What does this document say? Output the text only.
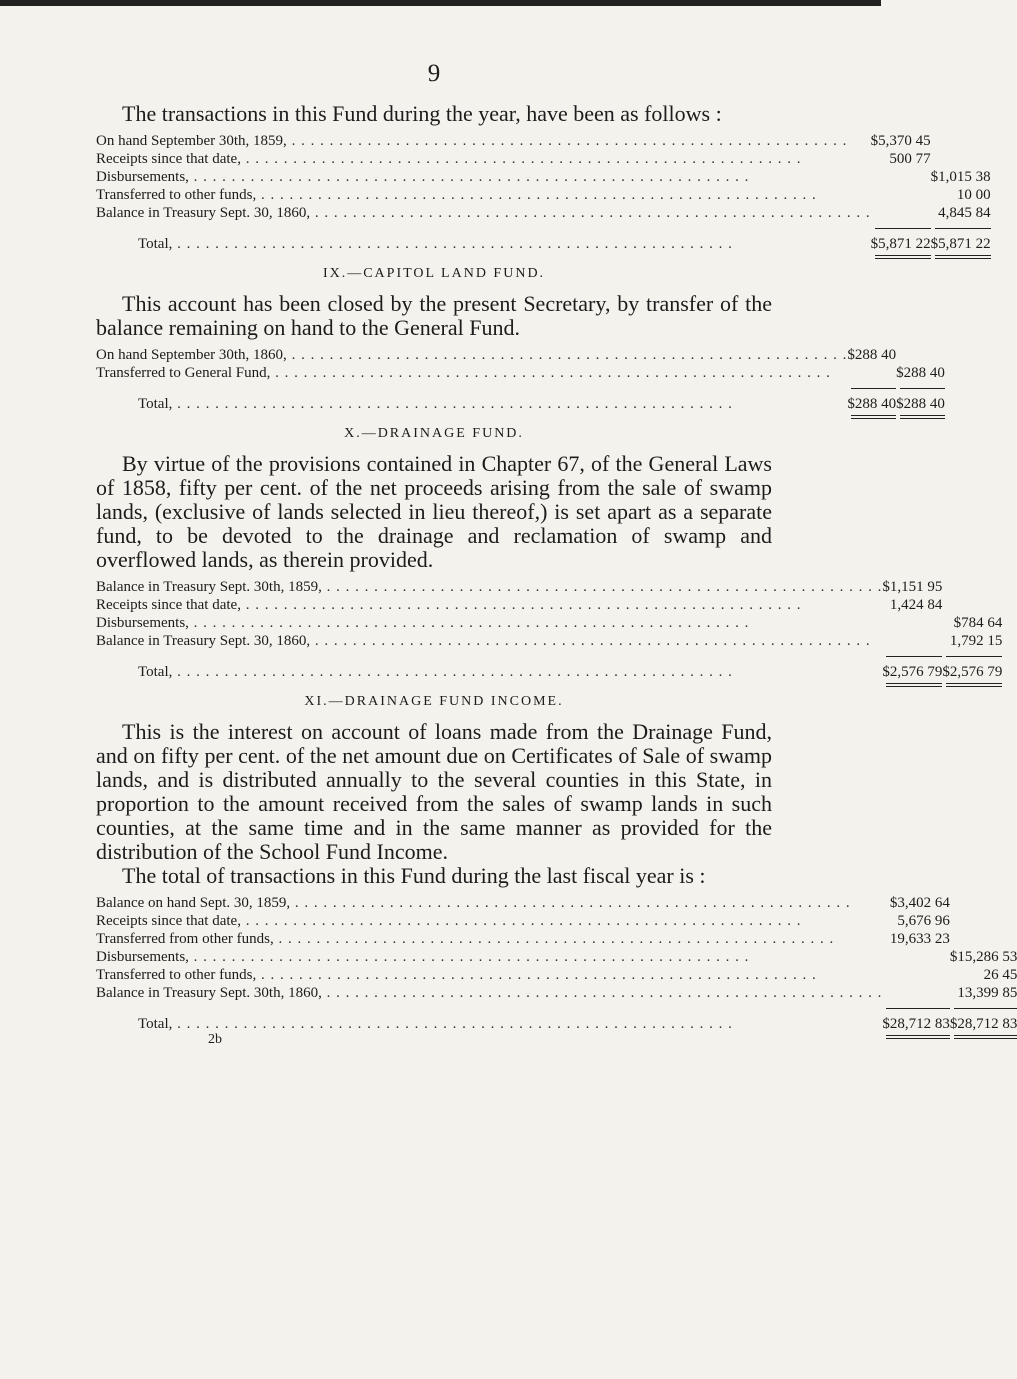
9

The transactions in this Fund during the year, have been as follows :

On hand September 30th, 1859, . . . . . . . . . . . . . . . . . . . . . . . . . . . . . . . . . . . . . . . . . . . . . . . . . . . . . . . . . . .	$5,370 45	
Receipts since that date, . . . . . . . . . . . . . . . . . . . . . . . . . . . . . . . . . . . . . . . . . . . . . . . . . . . . . . . . . . .	500 77	
Disbursements, . . . . . . . . . . . . . . . . . . . . . . . . . . . . . . . . . . . . . . . . . . . . . . . . . . . . . . . . . . .		$1,015 38
Transferred to other funds, . . . . . . . . . . . . . . . . . . . . . . . . . . . . . . . . . . . . . . . . . . . . . . . . . . . . . . . . . . .		10 00
Balance in Treasury Sept. 30, 1860, . . . . . . . . . . . . . . . . . . . . . . . . . . . . . . . . . . . . . . . . . . . . . . . . . . . . . . . . . . .		4,845 84
Total, . . . . . . . . . . . . . . . . . . . . . . . . . . . . . . . . . . . . . . . . . . . . . . . . . . . . . . . . . . .	$5,871 22	$5,871 22
IX.—CAPITOL LAND FUND.

This account has been closed by the present Secretary, by transfer of the balance remaining on hand to the General Fund.

On hand September 30th, 1860, . . . . . . . . . . . . . . . . . . . . . . . . . . . . . . . . . . . . . . . . . . . . . . . . . . . . . . . . . . .	$288 40	
Transferred to General Fund, . . . . . . . . . . . . . . . . . . . . . . . . . . . . . . . . . . . . . . . . . . . . . . . . . . . . . . . . . . .		$288 40
Total, . . . . . . . . . . . . . . . . . . . . . . . . . . . . . . . . . . . . . . . . . . . . . . . . . . . . . . . . . . .	$288 40	$288 40
X.—DRAINAGE FUND.

By virtue of the provisions contained in Chapter 67, of the General Laws of 1858, fifty per cent. of the net proceeds arising from the sale of swamp lands, (exclusive of lands selected in lieu thereof,) is set apart as a separate fund, to be devoted to the drainage and reclamation of swamp and overflowed lands, as therein provided.

Balance in Treasury Sept. 30th, 1859, . . . . . . . . . . . . . . . . . . . . . . . . . . . . . . . . . . . . . . . . . . . . . . . . . . . . . . . . . . .	$1,151 95	
Receipts since that date, . . . . . . . . . . . . . . . . . . . . . . . . . . . . . . . . . . . . . . . . . . . . . . . . . . . . . . . . . . .	1,424 84	
Disbursements, . . . . . . . . . . . . . . . . . . . . . . . . . . . . . . . . . . . . . . . . . . . . . . . . . . . . . . . . . . .		$784 64
Balance in Treasury Sept. 30, 1860, . . . . . . . . . . . . . . . . . . . . . . . . . . . . . . . . . . . . . . . . . . . . . . . . . . . . . . . . . . .		1,792 15
Total, . . . . . . . . . . . . . . . . . . . . . . . . . . . . . . . . . . . . . . . . . . . . . . . . . . . . . . . . . . .	$2,576 79	$2,576 79
XI.—DRAINAGE FUND INCOME.

This is the interest on account of loans made from the Drainage Fund, and on fifty per cent. of the net amount due on Certificates of Sale of swamp lands, and is distributed annually to the several counties in this State, in proportion to the amount received from the sales of swamp lands in such counties, at the same time and in the same manner as provided for the distribution of the School Fund Income.

The total of transactions in this Fund during the last fiscal year is :

Balance on hand Sept. 30, 1859, . . . . . . . . . . . . . . . . . . . . . . . . . . . . . . . . . . . . . . . . . . . . . . . . . . . . . . . . . . .	$3,402 64	
Receipts since that date, . . . . . . . . . . . . . . . . . . . . . . . . . . . . . . . . . . . . . . . . . . . . . . . . . . . . . . . . . . .	5,676 96	
Transferred from other funds, . . . . . . . . . . . . . . . . . . . . . . . . . . . . . . . . . . . . . . . . . . . . . . . . . . . . . . . . . . .	19,633 23	
Disbursements, . . . . . . . . . . . . . . . . . . . . . . . . . . . . . . . . . . . . . . . . . . . . . . . . . . . . . . . . . . .		$15,286 53
Transferred to other funds, . . . . . . . . . . . . . . . . . . . . . . . . . . . . . . . . . . . . . . . . . . . . . . . . . . . . . . . . . . .		26 45
Balance in Treasury Sept. 30th, 1860, . . . . . . . . . . . . . . . . . . . . . . . . . . . . . . . . . . . . . . . . . . . . . . . . . . . . . . . . . . .		13,399 85
Total, . . . . . . . . . . . . . . . . . . . . . . . . . . . . . . . . . . . . . . . . . . . . . . . . . . . . . . . . . . .	$28,712 83	$28,712 83
2b
